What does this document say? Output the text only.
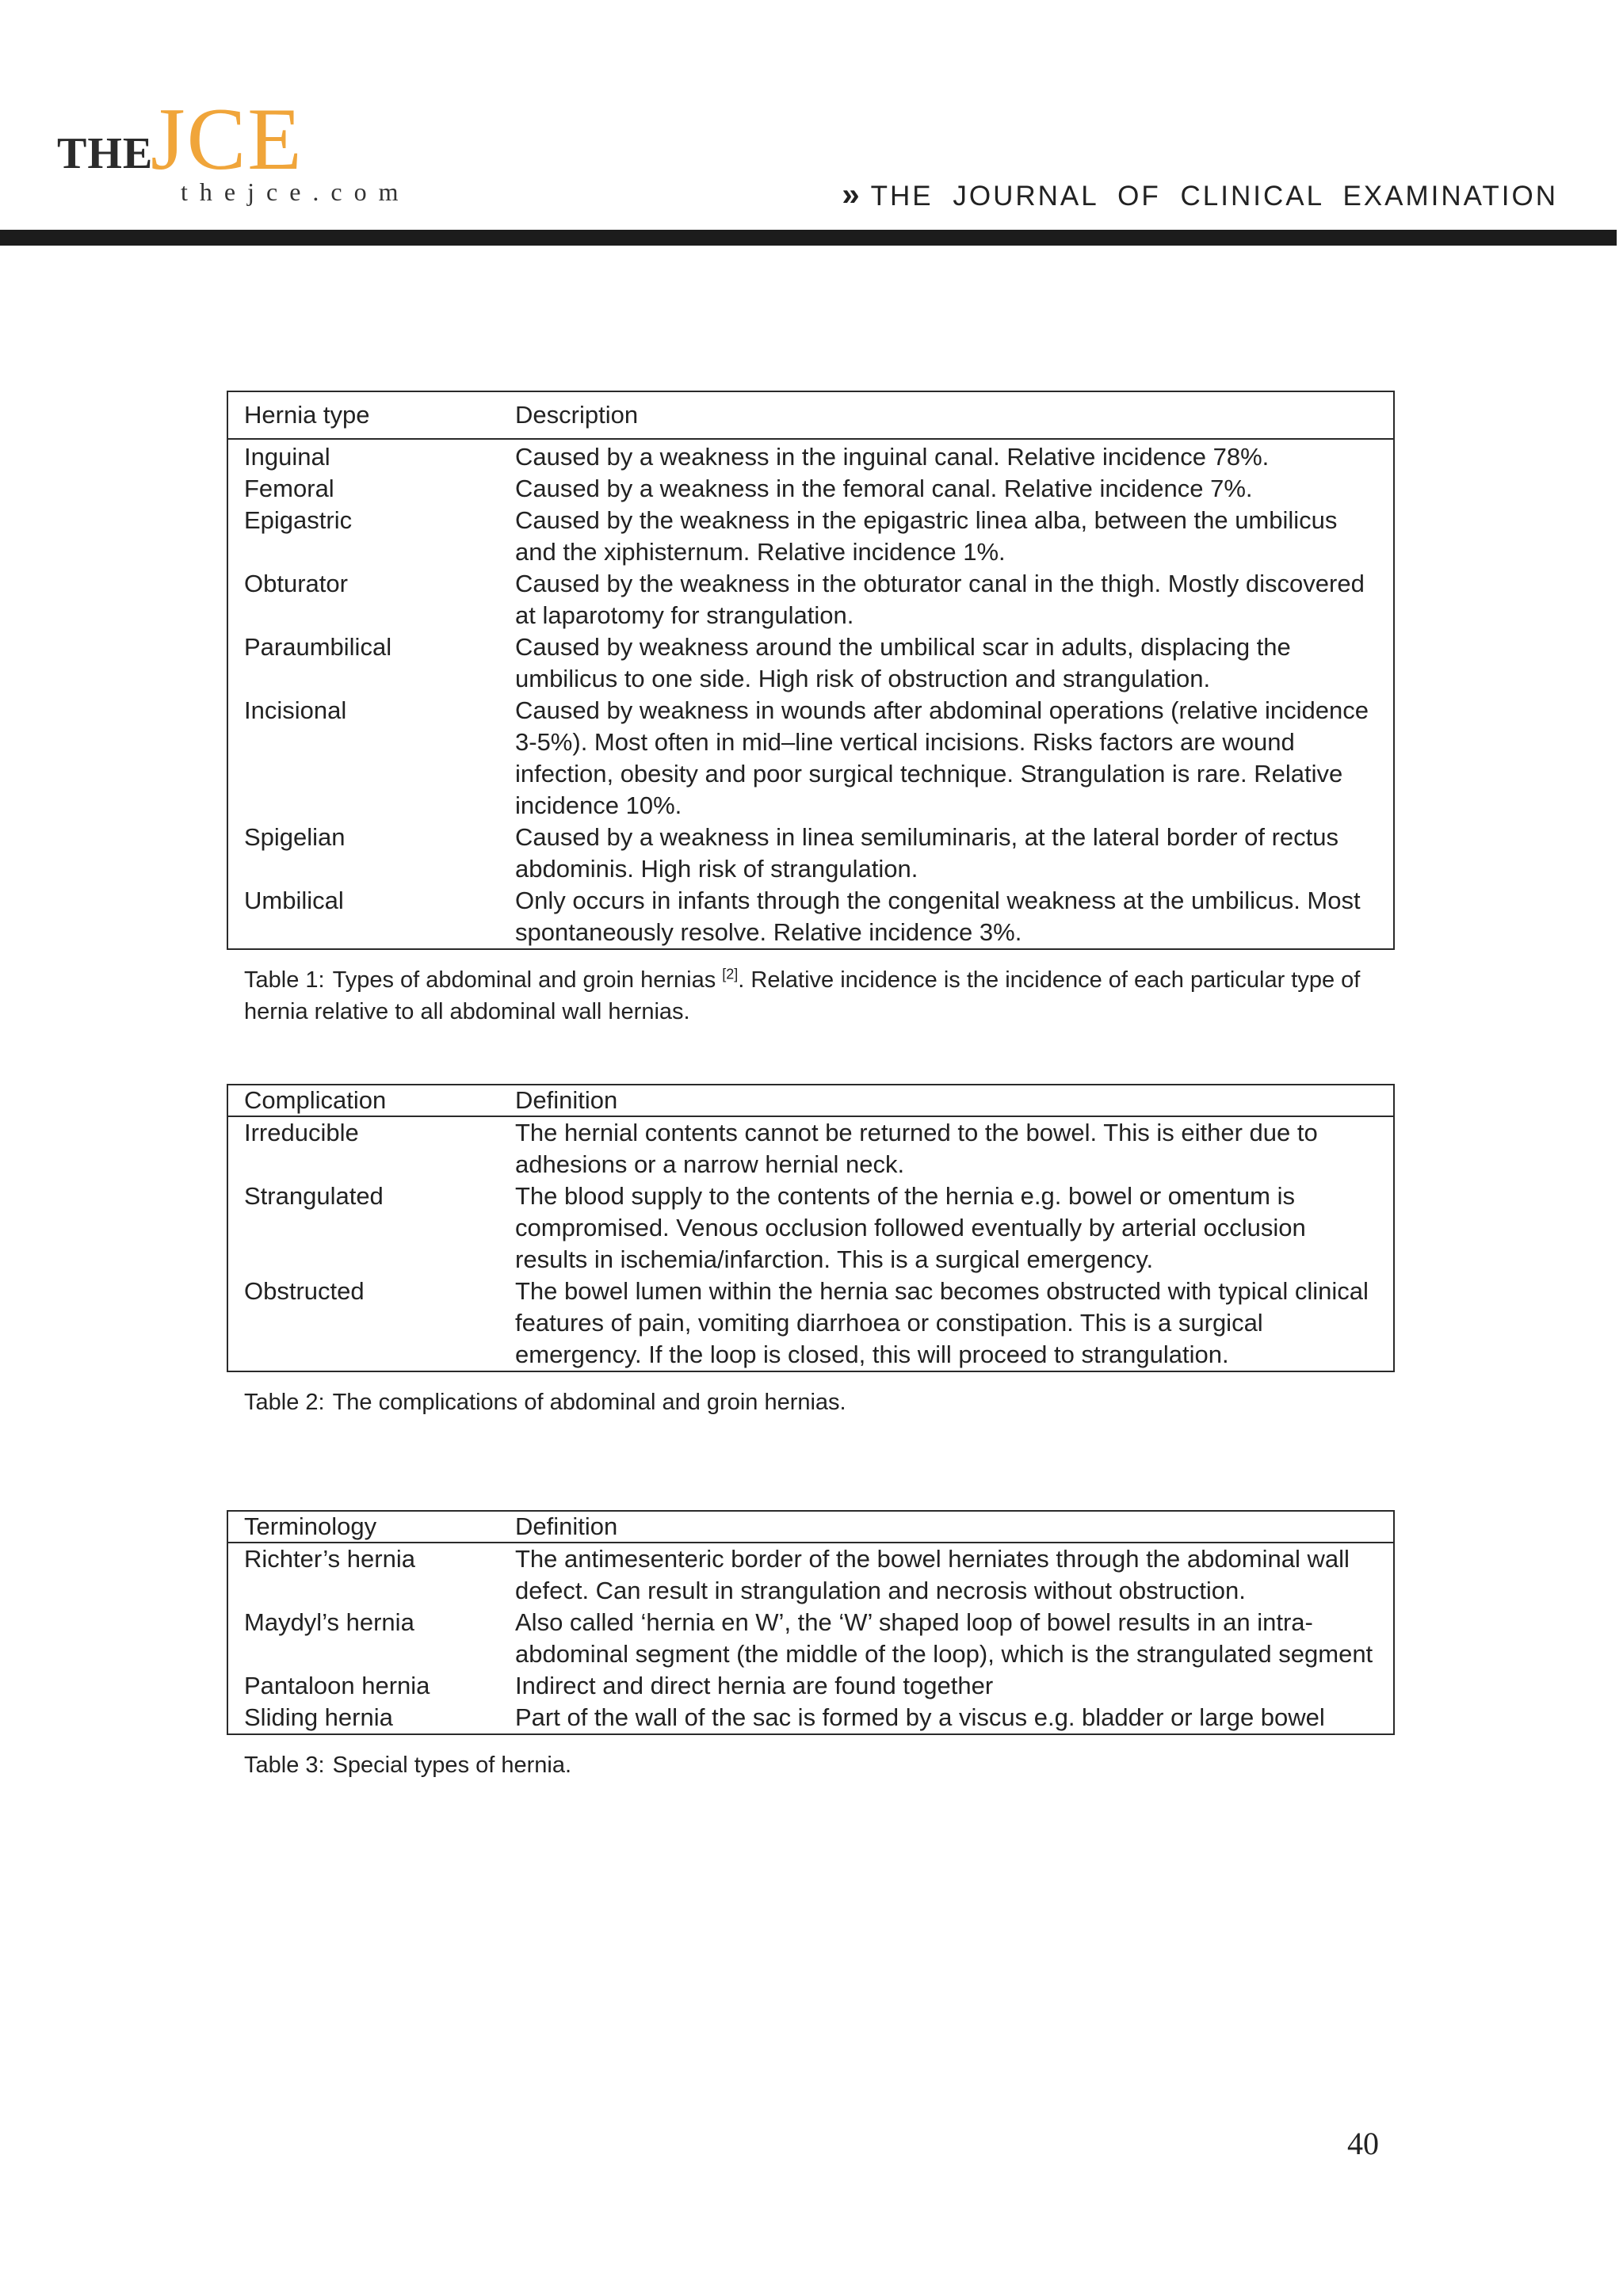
THE
JCE
thejce.com	» THE JOURNAL OF CLINICAL EXAMINATION
Hernia type	Description
Inguinal	Caused by a weakness in the inguinal canal. Relative incidence 78%.
Femoral	Caused by a weakness in the femoral canal. Relative incidence 7%.
Epigastric	Caused by the weakness in the epigastric linea alba, between the umbilicus and the xiphisternum. Relative incidence 1%.
Obturator	Caused by the weakness in the obturator canal in the thigh. Mostly discovered at laparotomy for strangulation.
Paraumbilical	Caused by weakness around the umbilical scar in adults, displacing the umbilicus to one side. High risk of obstruction and strangulation.
Incisional	Caused by weakness in wounds after abdominal operations (relative incidence 3-5%). Most often in mid–line vertical incisions. Risks factors are wound infection, obesity and poor surgical technique. Strangulation is rare. Relative incidence 10%.
Spigelian	Caused by a weakness in linea semiluminaris, at the lateral border of rectus abdominis. High risk of strangulation.
Umbilical	Only occurs in infants through the congenital weakness at the umbilicus. Most spontaneously resolve. Relative incidence 3%.
Table 1: Types of abdominal and groin hernias [2]. Relative incidence is the incidence of each particular type of hernia relative to all abdominal wall hernias.
Complication	Definition
Irreducible	The hernial contents cannot be returned to the bowel. This is either due to adhesions or a narrow hernial neck.
Strangulated	The blood supply to the contents of the hernia e.g. bowel or omentum is compromised. Venous occlusion followed eventually by arterial occlusion results in ischemia/infarction. This is a surgical emergency.
Obstructed	The bowel lumen within the hernia sac becomes obstructed with typical clinical features of pain, vomiting diarrhoea or constipation. This is a surgical emergency. If the loop is closed, this will proceed to strangulation.
Table 2: The complications of abdominal and groin hernias.
Terminology	Definition
Richter’s hernia	The antimesenteric border of the bowel herniates through the abdominal wall defect. Can result in strangulation and necrosis without obstruction.
Maydyl’s hernia	Also called ‘hernia en W’, the ‘W’ shaped loop of bowel results in an intra-abdominal segment (the middle of the loop), which is the strangulated segment
Pantaloon hernia	Indirect and direct hernia are found together
Sliding hernia	Part of the wall of the sac is formed by a viscus e.g. bladder or large bowel
Table 3: Special types of hernia.
40
